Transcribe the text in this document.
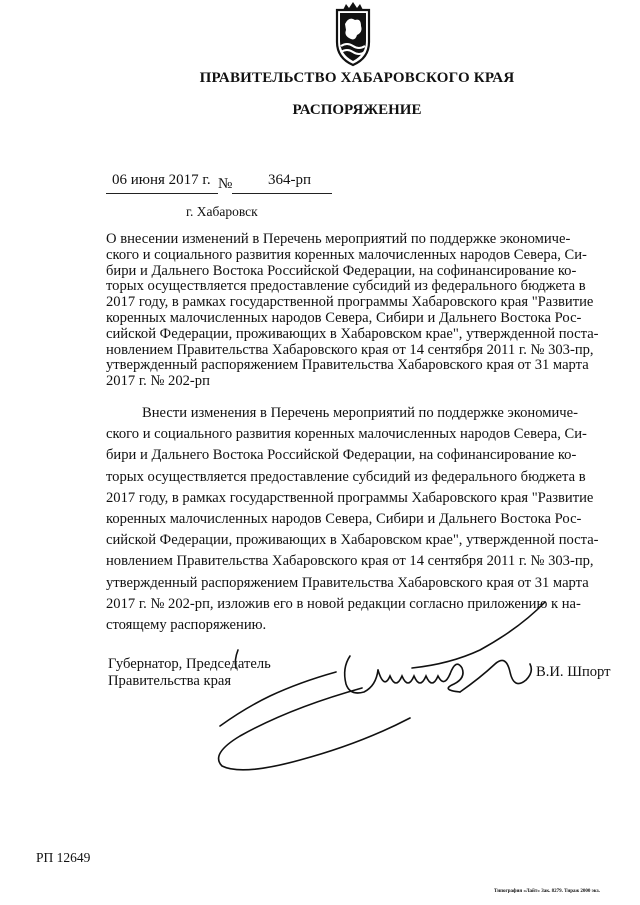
ПРАВИТЕЛЬСТВО ХАБАРОВСКОГО КРАЯ
РАСПОРЯЖЕНИЕ
06 июня 2017 г. № 364-рп
г. Хабаровск
О внесении изменений в Перечень мероприятий по поддержке экономиче-
ского и социального развития коренных малочисленных народов Севера, Си-
бири и Дальнего Востока Российской Федерации, на софинансирование ко-
торых осуществляется предоставление субсидий из федерального бюджета в
2017 году, в рамках государственной программы Хабаровского края "Развитие
коренных малочисленных народов Севера, Сибири и Дальнего Востока Рос-
сийской Федерации, проживающих в Хабаровском крае", утвержденной поста-
новлением Правительства Хабаровского края от 14 сентября 2011 г. № 303-пр,
утвержденный распоряжением Правительства Хабаровского края от 31 марта
2017 г. № 202-рп
Внести изменения в Перечень мероприятий по поддержке экономиче-
ского и социального развития коренных малочисленных народов Севера, Си-
бири и Дальнего Востока Российской Федерации, на софинансирование ко-
торых осуществляется предоставление субсидий из федерального бюджета в
2017 году, в рамках государственной программы Хабаровского края "Развитие
коренных малочисленных народов Севера, Сибири и Дальнего Востока Рос-
сийской Федерации, проживающих в Хабаровском крае", утвержденной поста-
новлением Правительства Хабаровского края от 14 сентября 2011 г. № 303-пр,
утвержденный распоряжением Правительства Хабаровского края от 31 марта
2017 г. № 202-рп, изложив его в новой редакции согласно приложению к на-
стоящему распоряжению.
Губернатор, Председатель
Правительства края
В.И. Шпорт
РП 12649
Типография «Лайт» Зак. 8279. Тираж 2000 экз.
